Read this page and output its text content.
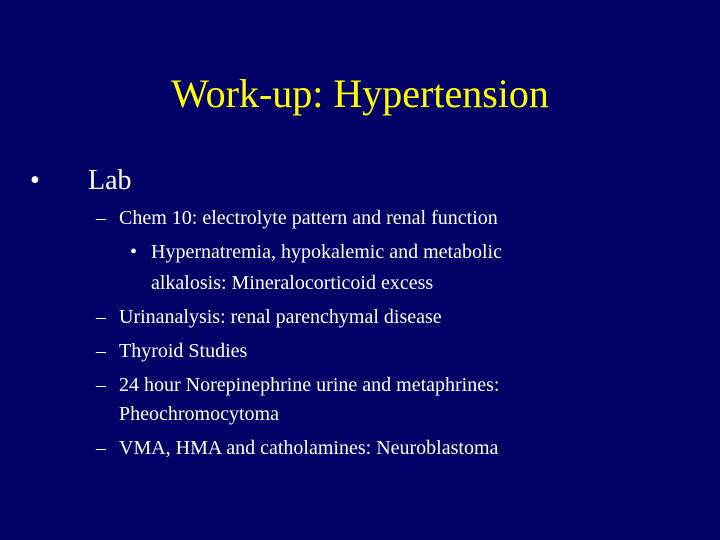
Work-up: Hypertension
•	Lab
– Chem 10: electrolyte pattern and renal function
• Hypernatremia, hypokalemic and metabolic
alkalosis: Mineralocorticoid excess
– Urinanalysis: renal parenchymal disease
– Thyroid Studies
– 24 hour Norepinephrine urine and metaphrines:
Pheochromocytoma
– VMA, HMA and catholamines: Neuroblastoma
